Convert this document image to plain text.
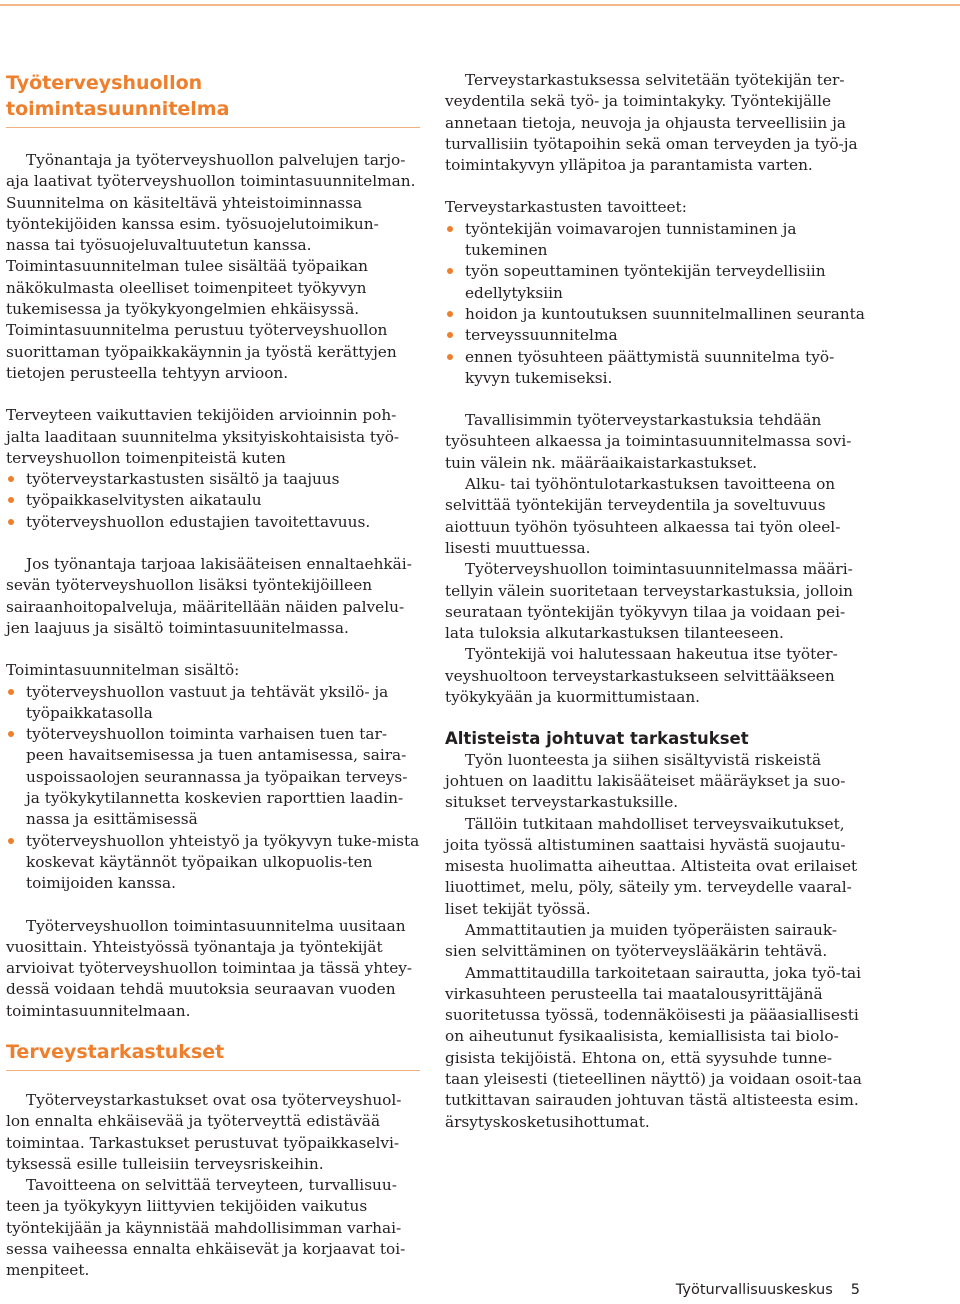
Työterveyshuollon toimintasuunnitelma

Työnantaja ja työterveyshuollon palvelujen tarjo-aja laativat työterveyshuollon toimintasuunnitelman. Suunnitelma on käsiteltävä yhteistoiminnassa työntekijöiden kanssa esim. työsuojelutoimikun-nassa tai työsuojeluvaltuutetun kanssa.

Toimintasuunnitelman tulee sisältää työpaikan näkökulmasta oleelliset toimenpiteet työkyvyn tukemisessa ja työkykyongelmien ehkäisyssä.

Toimintasuunnitelma perustuu työterveyshuollon suorittaman työpaikkakäynnin ja työstä kerättyjen tietojen perusteella tehtyyn arvioon.

Terveyteen vaikuttavien tekijöiden arvioinnin poh-jalta laaditaan suunnitelma yksityiskohtaisista työ-terveyshuollon toimenpiteistä kuten

työterveystarkastusten sisältö ja taajuus
työpaikkaselvitysten aikataulu
työterveyshuollon edustajien tavoitettavuus.

Jos työnantaja tarjoaa lakisääteisen ennaltaehkäi-sevän työterveyshuollon lisäksi työntekijöilleen sairaanhoitopalveluja, määritellään näiden palvelu-jen laajuus ja sisältö toimintasuunitelmassa.

Toimintasuunnitelman sisältö:

työterveyshuollon vastuut ja tehtävät yksilö- ja työpaikkatasolla
työterveyshuollon toiminta varhaisen tuen tar-peen havaitsemisessa ja tuen antamisessa, saira-uspoissaolojen seurannassa ja työpaikan terveys-ja työkykytilannetta koskevien raporttien laadin-nassa ja esittämisessä
työterveyshuollon yhteistyö ja työkyvyn tuke-mista koskevat käytännöt työpaikan ulkopuolis-ten toimijoiden kanssa.

Työterveyshuollon toimintasuunnitelma uusitaan vuosittain. Yhteistyössä työnantaja ja työntekijät arvioivat työterveyshuollon toimintaa ja tässä yhtey-dessä voidaan tehdä muutoksia seuraavan vuoden toimintasuunnitelmaan.

Terveystarkastukset

Työterveystarkastukset ovat osa työterveyshuol-lon ennalta ehkäisevää ja työterveyttä edistävää toimintaa. Tarkastukset perustuvat työpaikkaselvi-tyksessä esille tulleisiin terveysriskeihin.

Tavoitteena on selvittää terveyteen, turvallisuu-teen ja työkykyyn liittyvien tekijöiden vaikutus työntekijään ja käynnistää mahdollisimman varhai-sessa vaiheessa ennalta ehkäisevät ja korjaavat toi-menpiteet.

Terveystarkastuksessa selvitetään työtekijän ter-veydentila sekä työ- ja toimintakyky. Työntekijälle annetaan tietoja, neuvoja ja ohjausta terveellisiin ja turvallisiin työtapoihin sekä oman terveyden ja työ-ja toimintakyvyn ylläpitoa ja parantamista varten.

Terveystarkastusten tavoitteet:

työntekijän voimavarojen tunnistaminen ja tukeminen
työn sopeuttaminen työntekijän terveydellisiin edellytyksiin
hoidon ja kuntoutuksen suunnitelmallinen seuranta
terveyssuunnitelma
ennen työsuhteen päättymistä suunnitelma työ-kyvyn tukemiseksi.

Tavallisimmin työterveystarkastuksia tehdään työsuhteen alkaessa ja toimintasuunnitelmassa sovi-tuin välein nk. määräaikaistarkastukset.

Alku- tai työhöntulotarkastuksen tavoitteena on selvittää työntekijän terveydentila ja soveltuvuus aiottuun työhön työsuhteen alkaessa tai työn oleel-lisesti muuttuessa.

Työterveyshuollon toimintasuunnitelmassa määri-tellyin välein suoritetaan terveystarkastuksia, jolloin seurataan työntekijän työkyvyn tilaa ja voidaan pei-lata tuloksia alkutarkastuksen tilanteeseen.

Työntekijä voi halutessaan hakeutua itse työter-veyshuoltoon terveystarkastukseen selvittääkseen työkykyään ja kuormittumistaan.

Altisteista johtuvat tarkastukset

Työn luonteesta ja siihen sisältyvistä riskeistä johtuen on laadittu lakisääteiset määräykset ja suo-situkset terveystarkastuksille.

Tällöin tutkitaan mahdolliset terveysvaikutukset, joita työssä altistuminen saattaisi hyvästä suojautu-misesta huolimatta aiheuttaa. Altisteita ovat erilaiset liuottimet, melu, pöly, säteily ym. terveydelle vaaral-liset tekijät työssä.

Ammattitautien ja muiden työperäisten sairauk-sien selvittäminen on työterveyslääkärin tehtävä.

Ammattitaudilla tarkoitetaan sairautta, joka työ-tai virkasuhteen perusteella tai maatalousyrittäjänä suoritetussa työssä, todennäköisesti ja pääasiallisesti on aiheutunut fysikaalisista, kemiallisista tai biolo-gisista tekijöistä. Ehtona on, että syysuhde tunne-taan yleisesti (tieteellinen näyttö) ja voidaan osoit-taa tutkittavan sairauden johtuvan tästä altisteesta esim. ärsytyskosketusihottumat.

Työturvallisuuskeskus 5
